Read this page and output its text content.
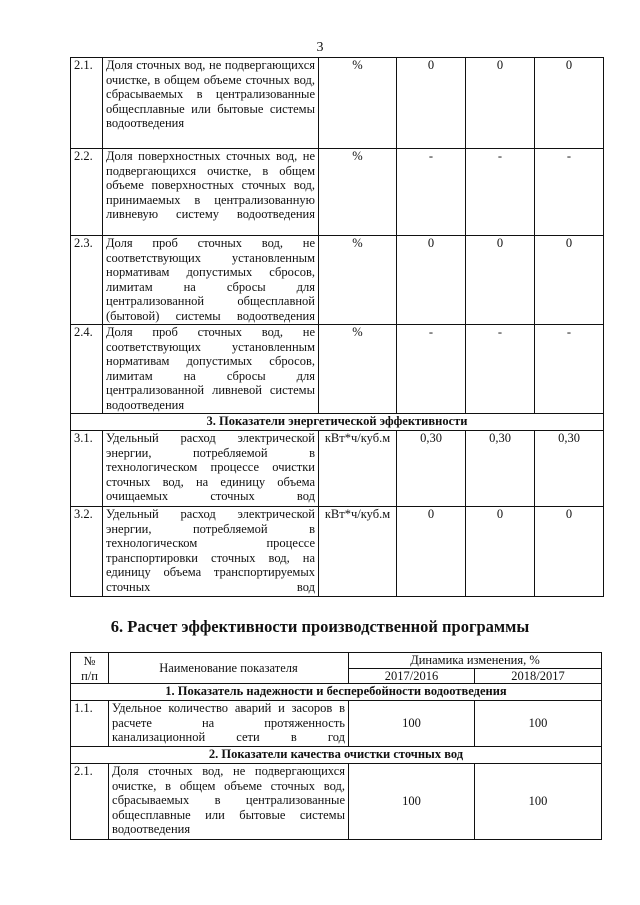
3
2.1.	Доля сточных вод, не подвергающихся очистке, в общем объеме сточных вод, сбрасываемых в централизованные общесплавные или бытовые системы водоотведения	%	0	0	0
2.2.	Доля поверхностных сточных вод, не подвергающихся очистке, в общем объеме поверхностных сточных вод, принимаемых в централизованную ливневую систему водоотведения	%	-	-	-
2.3.	Доля проб сточных вод, не соответствующих установленным нормативам допустимых сбросов, лимитам на сбросы для централизованной общесплавной (бытовой) системы водоотведения	%	0	0	0
2.4.	Доля проб сточных вод, не соответствующих установленным нормативам допустимых сбросов, лимитам на сбросы для централизованной ливневой системы водоотведения	%	-	-	-
3. Показатели энергетической эффективности					
3.1.	Удельный расход электрической энергии, потребляемой в технологическом процессе очистки сточных вод, на единицу объема очищаемых сточных вод	кВт*ч/куб.м	0,30	0,30	0,30
3.2.	Удельный расход электрической энергии, потребляемой в технологическом процессе транспортировки сточных вод, на единицу объема транспортируемых сточных вод	кВт*ч/куб.м	0	0	0
6. Расчет эффективности производственной программы
№
п/п	Наименование показателя	Динамика изменения, %	
		2017/2016	2018/2017
1. Показатель надежности и бесперебойности водоотведения			
1.1.	Удельное количество аварий и засоров в расчете на протяженность канализационной сети в год	100	100
2. Показатели качества очистки сточных вод			
2.1.	Доля сточных вод, не подвергающихся очистке, в общем объеме сточных вод, сбрасываемых в централизованные общесплавные или бытовые системы водоотведения	100	100
